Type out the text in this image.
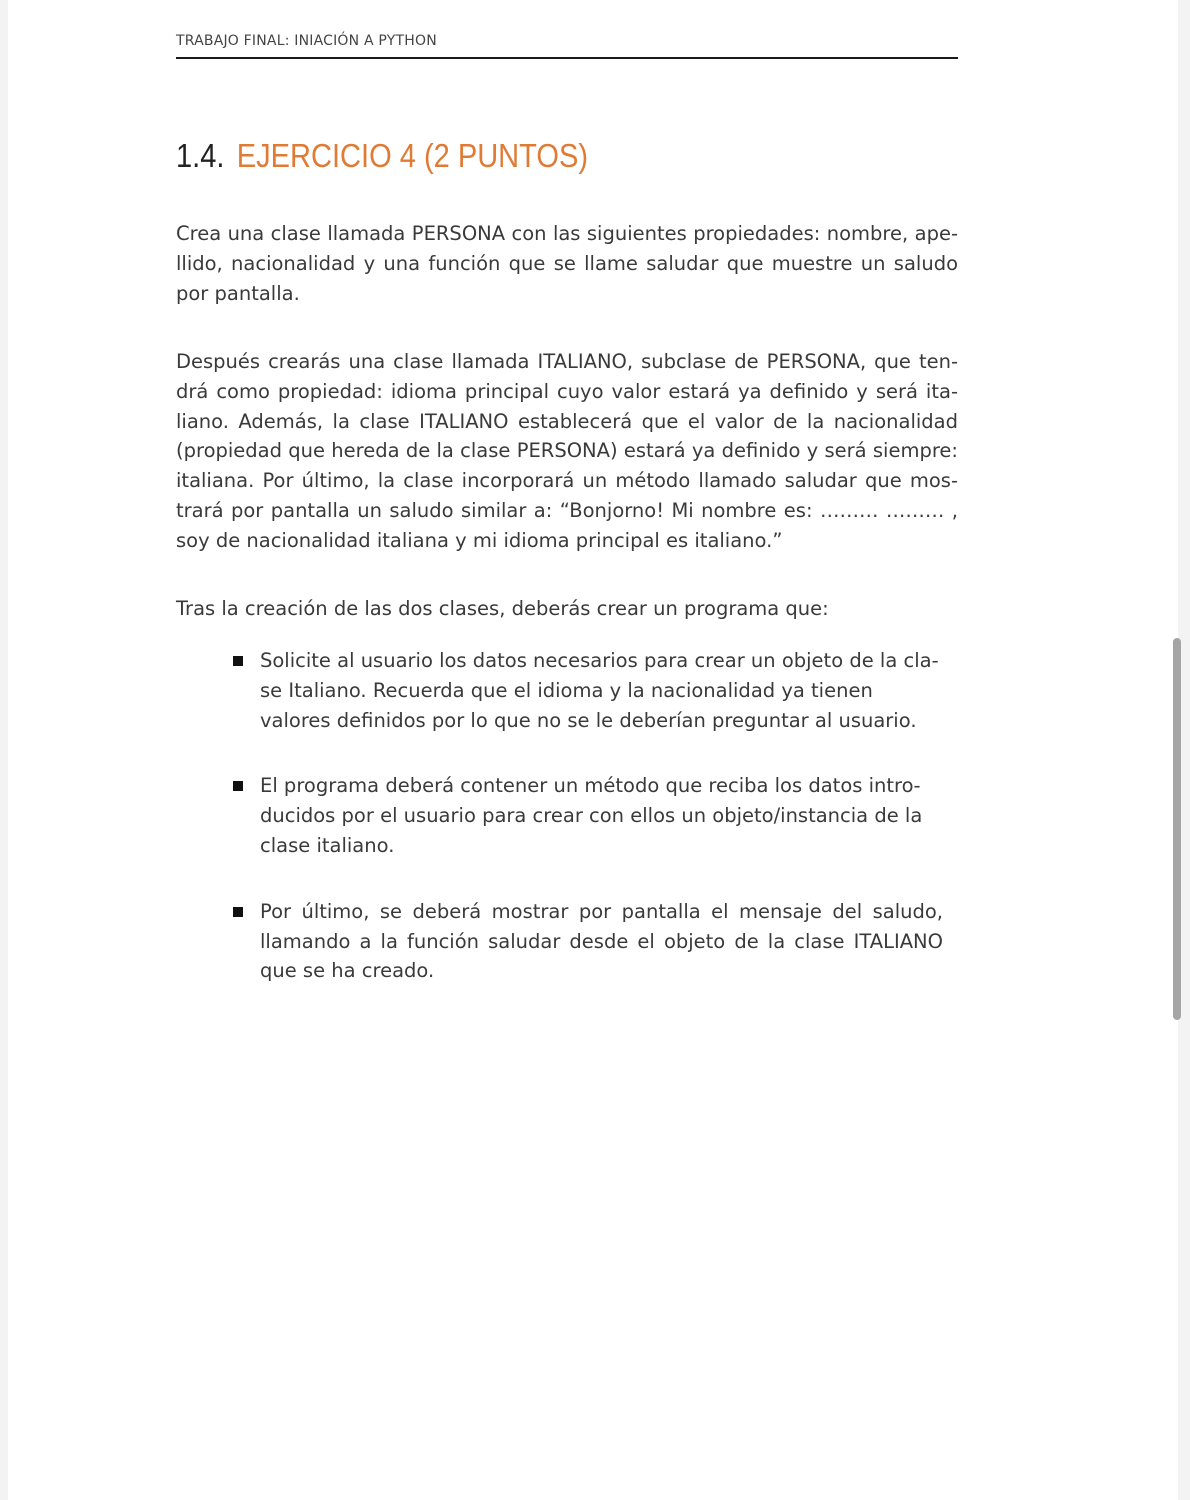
TRABAJO FINAL: INIACIÓN A PYTHON
1.4. EJERCICIO 4 (2 PUNTOS)

Crea una clase llamada PERSONA con las siguientes propiedades: nombre, apellido, nacionalidad y una función que se llame saludar que muestre un saludo por pantalla.

Después crearás una clase llamada ITALIANO, subclase de PERSONA, que tendrá como propiedad: idioma principal cuyo valor estará ya definido y será italiano. Además, la clase ITALIANO establecerá que el valor de la nacionalidad (propiedad que hereda de la clase PERSONA) estará ya definido y será siempre: italiana. Por último, la clase incorporará un método llamado saludar que mostrará por pantalla un saludo similar a: “Bonjorno! Mi nombre es: ……… ……… , soy de nacionalidad italiana y mi idioma principal es italiano.”

Tras la creación de las dos clases, deberás crear un programa que:

Solicite al usuario los datos necesarios para crear un objeto de la clase Italiano. Recuerda que el idioma y la nacionalidad ya tienen valores definidos por lo que no se le deberían preguntar al usuario.
El programa deberá contener un método que reciba los datos introducidos por el usuario para crear con ellos un objeto/instancia de la clase italiano.
Por último, se deberá mostrar por pantalla el mensaje del saludo, llamando a la función saludar desde el objeto de la clase ITALIANO que se ha creado.
